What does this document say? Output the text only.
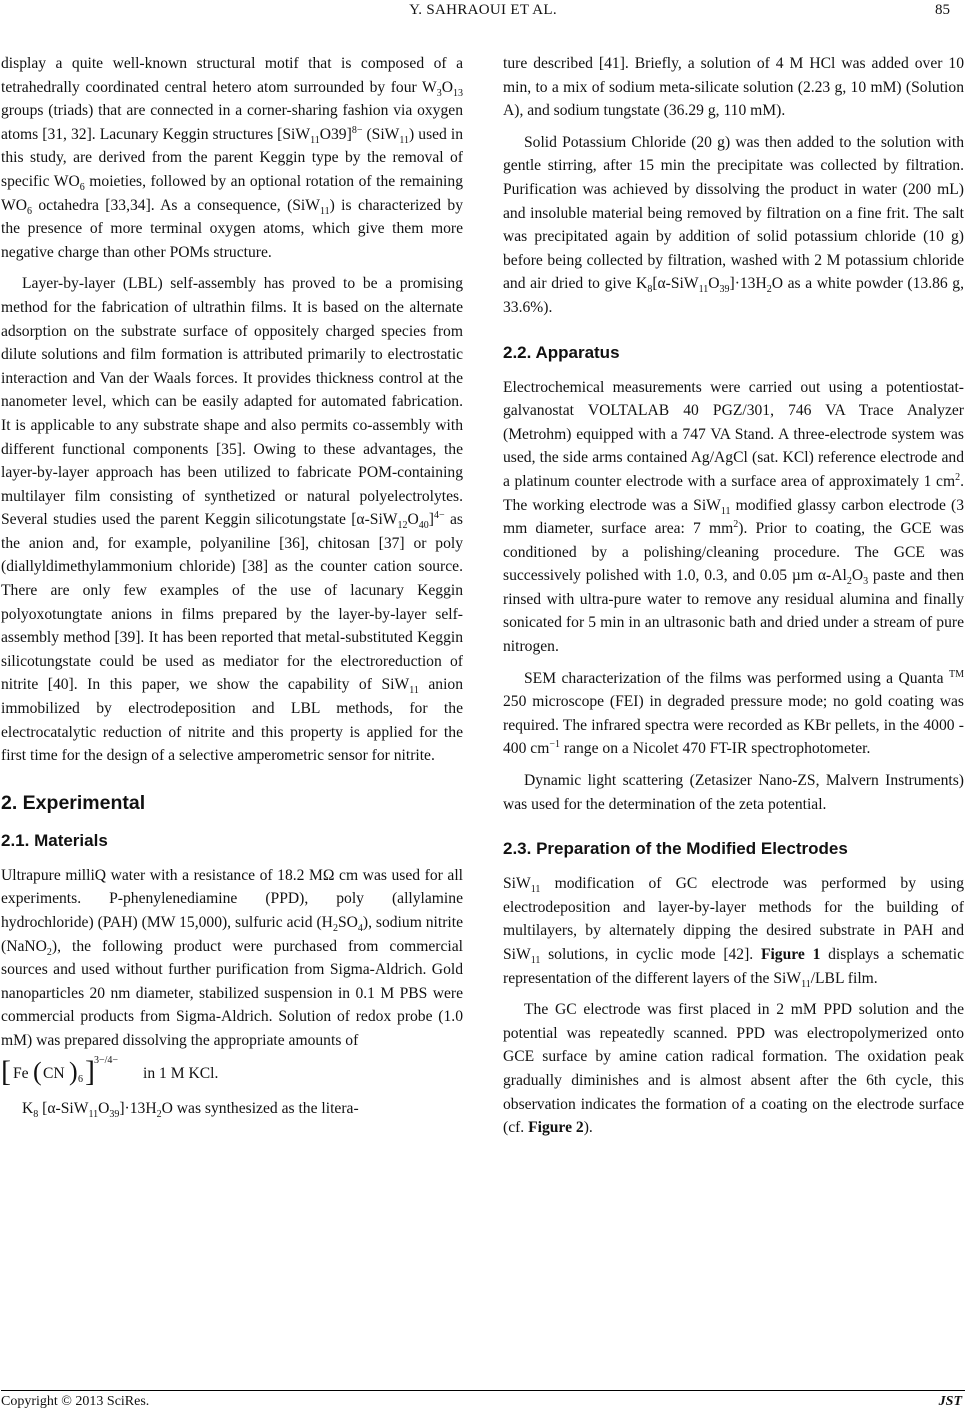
Y. SAHRAOUI ET AL.	85

display a quite well-known structural motif that is composed of a tetrahedrally coordinated central hetero atom surrounded by four $W_3O_{13}$ groups (triads) that are connected in a corner-sharing fashion via oxygen atoms [31, 32]. Lacunary Keggin structures $[SiW_{11}O39]^{8-}$ (SiW$_{11}$) used in this study, are derived from the parent Keggin type by the removal of specific $WO_6$ moieties, followed by an optional rotation of the remaining $WO_6$ octahedra [33,34]. As a consequence, (SiW$_{11}$) is characterized by the presence of more terminal oxygen atoms, which give them more negative charge than other POMs structure.

Layer-by-layer (LBL) self-assembly has proved to be a promising method for the fabrication of ultrathin films. It is based on the alternate adsorption on the substrate surface of oppositely charged species from dilute solutions and film formation is attributed primarily to electrostatic interaction and Van der Waals forces. It provides thickness control at the nanometer level, which can be easily adapted for automated fabrication. It is applicable to any substrate shape and also permits co-assembly with different functional components [35]. Owing to these advantages, the layer-by-layer approach has been utilized to fabricate POM-containing multilayer film consisting of synthetized or natural polyelectrolytes. Several studies used the parent Keggin silicotungstate $[\alpha-SiW_{12}O_{40}]^{4-}$ as the anion and, for example, polyaniline [36], chitosan [37] or poly (diallyldimethylammonium chloride) [38] as the counter cation source. There are only few examples of the use of lacunary Keggin polyoxotungtate anions in films prepared by the layer-by-layer self-assembly method [39]. It has been reported that metal-substituted Keggin silicotungstate could be used as mediator for the electroreduction of nitrite [40]. In this paper, we show the capability of SiW$_{11}$ anion immobilized by electrodeposition and LBL methods, for the electrocatalytic reduction of nitrite and this property is applied for the first time for the design of a selective amperometric sensor for nitrite.

2. Experimental
2.1. Materials

Ultrapure milliQ water with a resistance of 18.2 MΩ cm was used for all experiments. P-phenylenediamine (PPD), poly (allylamine hydrochloride) (PAH) (MW 15,000), sulfuric acid $(H_2SO_4)$, sodium nitrite (NaNO$_2$), the following product were purchased from commercial sources and used without further purification from Sigma-Aldrich. Gold nanoparticles 20 nm diameter, stabilized suspension in 0.1 M PBS were commercial products from Sigma-Aldrich. Solution of redox probe (1.0 mM) was prepared dissolving the appropriate amounts of

[ Fe ( CN ) 6 ] 3−/4−
in 1 M KCl.

$K_8$ $[\alpha-SiW_{11}O_{39}]\cdot 13H_2O$ was synthesized as the litera-

ture described [41]. Briefly, a solution of 4 M HCl was added over 10 min, to a mix of sodium meta-silicate solution (2.23 g, 10 mM) (Solution A), and sodium tungstate (36.29 g, 110 mM).

Solid Potassium Chloride (20 g) was then added to the solution with gentle stirring, after 15 min the precipitate was collected by filtration. Purification was achieved by dissolving the product in water (200 mL) and insoluble material being removed by filtration on a fine frit. The salt was precipitated again by addition of solid potassium chloride (10 g) before being collected by filtration, washed with 2 M potassium chloride and air dried to give $K_8[\alpha-SiW_{11}O_{39}]\cdot 13H_2O$ as a white powder (13.86 g, 33.6%).

2.2. Apparatus

Electrochemical measurements were carried out using a potentiostat-galvanostat VOLTALAB 40 PGZ/301, 746 VA Trace Analyzer (Metrohm) equipped with a 747 VA Stand. A three-electrode system was used, the side arms contained Ag/AgCl (sat. KCl) reference electrode and a platinum counter electrode with a surface area of approximately 1 $cm^2$. The working electrode was a SiW$_{11}$ modified glassy carbon electrode (3 mm diameter, surface area: 7 $mm^2$). Prior to coating, the GCE was conditioned by a polishing/cleaning procedure. The GCE was successively polished with 1.0, 0.3, and 0.05 µm $\alpha-Al_2O_3$ paste and then rinsed with ultra-pure water to remove any residual alumina and finally sonicated for 5 min in an ultrasonic bath and dried under a stream of pure nitrogen.

SEM characterization of the films was performed using a Quanta ™ 250 microscope (FEI) in degraded pressure mode; no gold coating was required. The infrared spectra were recorded as KBr pellets, in the 4000 - 400 $cm^{-1}$ range on a Nicolet 470 FT-IR spectrophotometer.

Dynamic light scattering (Zetasizer Nano-ZS, Malvern Instruments) was used for the determination of the zeta potential.

2.3. Preparation of the Modified Electrodes

SiW$_{11}$ modification of GC electrode was performed by using electrodeposition and layer-by-layer methods for the building of multilayers, by alternately dipping the desired substrate in PAH and SiW$_{11}$ solutions, in cyclic mode [42]. Figure 1 displays a schematic representation of the different layers of the SiW$_{11}$/LBL film.

The GC electrode was first placed in 2 mM PPD solution and the potential was repeatedly scanned. PPD was electropolymerized onto GCE surface by amine cation radical formation. The oxidation peak gradually diminishes and is almost absent after the 6th cycle, this observation indicates the formation of a coating on the electrode surface (cf. Figure 2).

Copyright © 2013 SciRes.	JST
